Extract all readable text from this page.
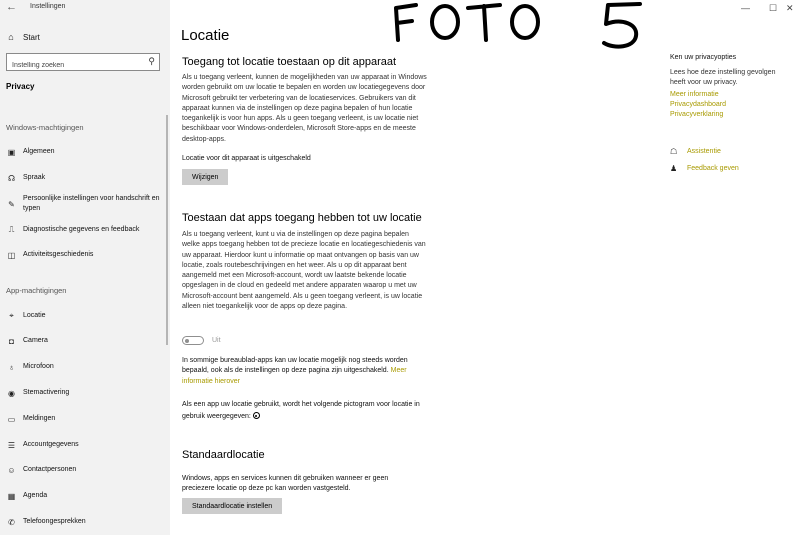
← Instellingen
⌂ Start
Instelling zoeken
⚲
Privacy
Windows-machtigingen
▣ Algemeen
☊ Spraak
✎
Persoonlijke instellingen voor handschrift en typen
⎍	Diagnostische gegevens en feedback
◫ Activiteitsgeschiedenis
App-machtigingen
⌖	Locatie
◘	Camera
♁	Microfoon
◉ Stemactivering
▭ Meldingen
☰ Accountgegevens
☺ Contactpersonen
▦ Agenda
✆	Telefoongesprekken
— ☐ ✕
Locatie
Toegang tot locatie toestaan op dit apparaat
Als u toegang verleent, kunnen de mogelijkheden van uw apparaat in Windows worden gebruikt om uw locatie te bepalen en worden uw locatiegegevens door Microsoft gebruikt ter verbetering van de locatieservices. Gebruikers van dit apparaat kunnen via de instellingen op deze pagina bepalen of hun locatie toegankelijk is voor hun apps. Als u geen toegang verleent, is uw locatie niet beschikbaar voor Windows-onderdelen, Microsoft Store-apps en de meeste desktop-apps.
Locatie voor dit apparaat is uitgeschakeld
Wijzigen
Toestaan dat apps toegang hebben tot uw locatie
Als u toegang verleent, kunt u via de instellingen op deze pagina bepalen welke apps toegang hebben tot de precieze locatie en locatiegeschiedenis van uw apparaat. Hierdoor kunt u informatie op maat ontvangen op basis van uw locatie, zoals routebeschrijvingen en het weer. Als u op dit apparaat bent aangemeld met een Microsoft-account, wordt uw laatste bekende locatie opgeslagen in de cloud en gedeeld met andere apparaten waarop u met uw Microsoft-account bent aangemeld. Als u geen toegang verleent, is uw locatie alleen niet toegankelijk voor de apps op deze pagina.
Uit
In sommige bureaublad-apps kan uw locatie mogelijk nog steeds worden bepaald, ook als de instellingen op deze pagina zijn uitgeschakeld. Meer informatie hierover
Als een app uw locatie gebruikt, wordt het volgende pictogram voor locatie in gebruik weergegeven:
Standaardlocatie
Windows, apps en services kunnen dit gebruiken wanneer er geen preciezere locatie op deze pc kan worden vastgesteld.
Standaardlocatie instellen
Ken uw privacyopties
Lees hoe deze instelling gevolgen heeft voor uw privacy.
Meer informatie
Privacydashboard
Privacyverklaring
☖	Assistentie
♟	Feedback geven
